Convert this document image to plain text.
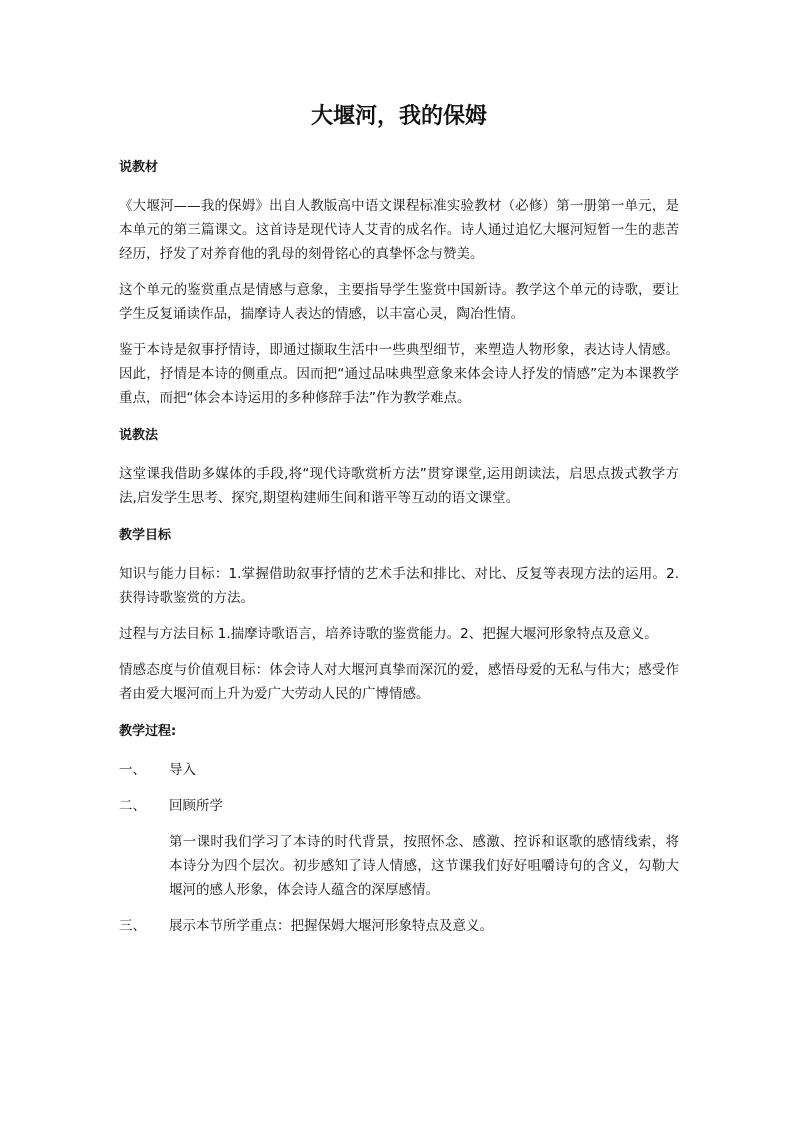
大堰河，我的保姆
说教材

《大堰河——我的保姆》出自人教版高中语文课程标准实验教材（必修）第一册第一单元，是本单元的第三篇课文。这首诗是现代诗人艾青的成名作。诗人通过追忆大堰河短暂一生的悲苦经历，抒发了对养育他的乳母的刻骨铭心的真挚怀念与赞美。

这个单元的鉴赏重点是情感与意象，主要指导学生鉴赏中国新诗。教学这个单元的诗歌，要让学生反复诵读作品，揣摩诗人表达的情感，以丰富心灵，陶冶性情。

鉴于本诗是叙事抒情诗，即通过撷取生活中一些典型细节，来塑造人物形象，表达诗人情感。因此，抒情是本诗的侧重点。因而把“通过品味典型意象来体会诗人抒发的情感”定为本课教学重点，而把“体会本诗运用的多种修辞手法”作为教学难点。

说教法

这堂课我借助多媒体的手段,将“现代诗歌赏析方法”贯穿课堂,运用朗读法，启思点拨式教学方法,启发学生思考、探究,期望构建师生间和谐平等互动的语文课堂。

教学目标

知识与能力目标：1.掌握借助叙事抒情的艺术手法和排比、对比、反复等表现方法的运用。2.获得诗歌鉴赏的方法。

过程与方法目标 1.揣摩诗歌语言，培养诗歌的鉴赏能力。2、把握大堰河形象特点及意义。

情感态度与价值观目标：体会诗人对大堰河真挚而深沉的爱，感悟母爱的无私与伟大；感受作者由爱大堰河而上升为爱广大劳动人民的广博情感。

教学过程:
一、	导入
二、	回顾所学

第一课时我们学习了本诗的时代背景，按照怀念、感激、控诉和讴歌的感情线索，将本诗分为四个层次。初步感知了诗人情感，这节课我们好好咀嚼诗句的含义，勾勒大堰河的感人形象，体会诗人蕴含的深厚感情。

三、	展示本节所学重点：把握保姆大堰河形象特点及意义。
